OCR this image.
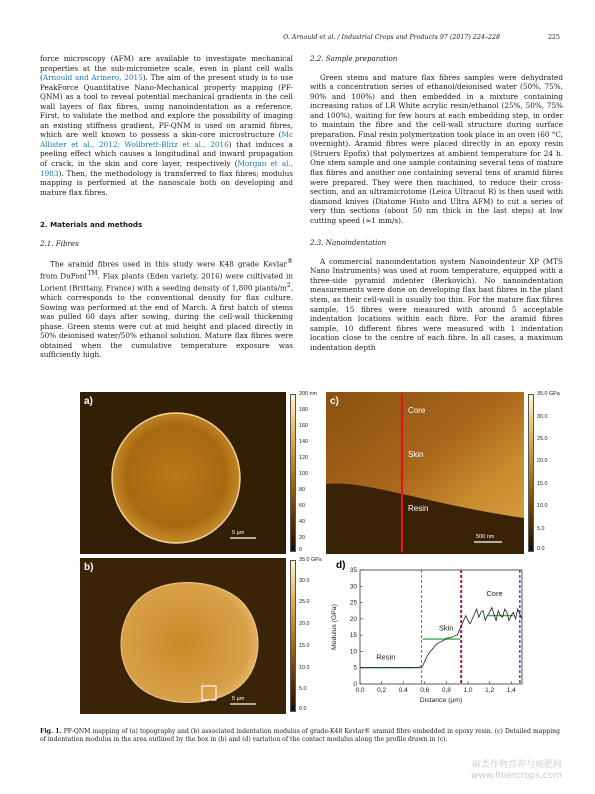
O. Arnould et al. / Industrial Crops and Products 97 (2017) 224–228	225

force microscopy (AFM) are available to investigate mechanical properties at the sub-micrometre scale, even in plant cell walls (Arnould and Arinero, 2015). The aim of the present study is to use PeakForce Quantitative Nano-Mechanical property mapping (PF-QNM) as a tool to reveal potential mechanical gradients in the cell wall layers of flax fibres, using nanoindentation as a reference. First, to validate the method and explore the possibility of imaging an existing stiffness gradient, PF-QNM is used on aramid fibres, which are well known to possess a skin-core microstructure (Mc Allister et al., 2012; Wollbrett-Blitz et al., 2016) that induces a peeling effect which causes a longitudinal and inward propagation of crack, in the skin and core layer, respectively (Morgan et al., 1983). Then, the methodology is transferred to flax fibres; modulus mapping is performed at the nanoscale both on developing and mature flax fibres.

2. Materials and methods
2.1. Fibres

The aramid fibres used in this study were K48 grade Kevlar® from DuPont™. Flax plants (Eden variety, 2016) were cultivated in Lorient (Brittany, France) with a seeding density of 1,800 plants/$m^2$, which corresponds to the conventional density for flax culture. Sowing was performed at the end of March. A first batch of stems was pulled 60 days after sowing, during the cell-wall thickening phase. Green stems were cut at mid height and placed directly in 50% deionised water/50% ethanol solution. Mature flax fibres were obtained when the cumulative temperature exposure was sufficiently high.

2.2. Sample preparation

Green stems and mature flax fibres samples were dehydrated with a concentration series of ethanol/deionised water (50%, 75%, 90% and 100%) and then embedded in a mixture containing increasing ratios of LR White acrylic resin/ethanol (25%, 50%, 75% and 100%), waiting for few hours at each embedding step, in order to maintain the fibre and the cell-wall structure during surface preparation. Final resin polymerization took place in an oven (60 °C, overnight). Aramid fibres were placed directly in an epoxy resin (Struers Epofix) that polymerizes at ambient temperature for 24 h. One stem sample and one sample containing several tens of mature flax fibres and another one containing several tens of aramid fibres were prepared. They were then machined, to reduce their cross-section, and an ultramicrotome (Leica Ultracut R) is then used with diamond knives (Diatome Histo and Ultra AFM) to cut a series of very thin sections (about 50 nm thick in the last steps) at low cutting speed (≈1 mm/s).

2.3. Nanoindentation

A commercial nanoindentation system Nanoindenteur XP (MTS Nano Instruments) was used at room temperature, equipped with a three-side pyramid indenter (Berkovich). No nanoindentation measurements were done on developing flax bast fibres in the plant stem, as their cell-wall is usually too thin. For the mature flax fibres sample, 15 fibres were measured with around 5 acceptable indentation locations within each fibre. For the aramid fibres sample, 10 different fibres were measured with 1 indentation location close to the centre of each fibre. In all cases, a maximum indentation depth

a)
5 µm
200 nm
180
160
140
120
100
80
60
40
20
0
b)
5 µm
35.0 GPa
30.0
25.0
20.0
15.0
10.0
5.0
0.0
c)
500 nm
Core
Skin
Resin
35.0 GPa
30.0
25.0
20.0
15.0
10.0
5.0
0.0
d)
0
5
10
15
20
25
30
35
0,0 0,2 0,4 0,6 0,8 1,0 1,2 1,4
Distance (µm)
Modulus (GPa)
Resin
Skin
Core
Fig. 1. PF-QNM mapping of (a) topography and (b) associated indentation modulus of grade-K48 Kevlar® aramid fibre embedded in epoxy resin. (c) Detailed mapping of indentation modulus in the area outlined by the box in (b) and (d) variation of the contact modulus along the profile drawn in (c).
麻类作物营养与施肥网
www.fibercrops.com
